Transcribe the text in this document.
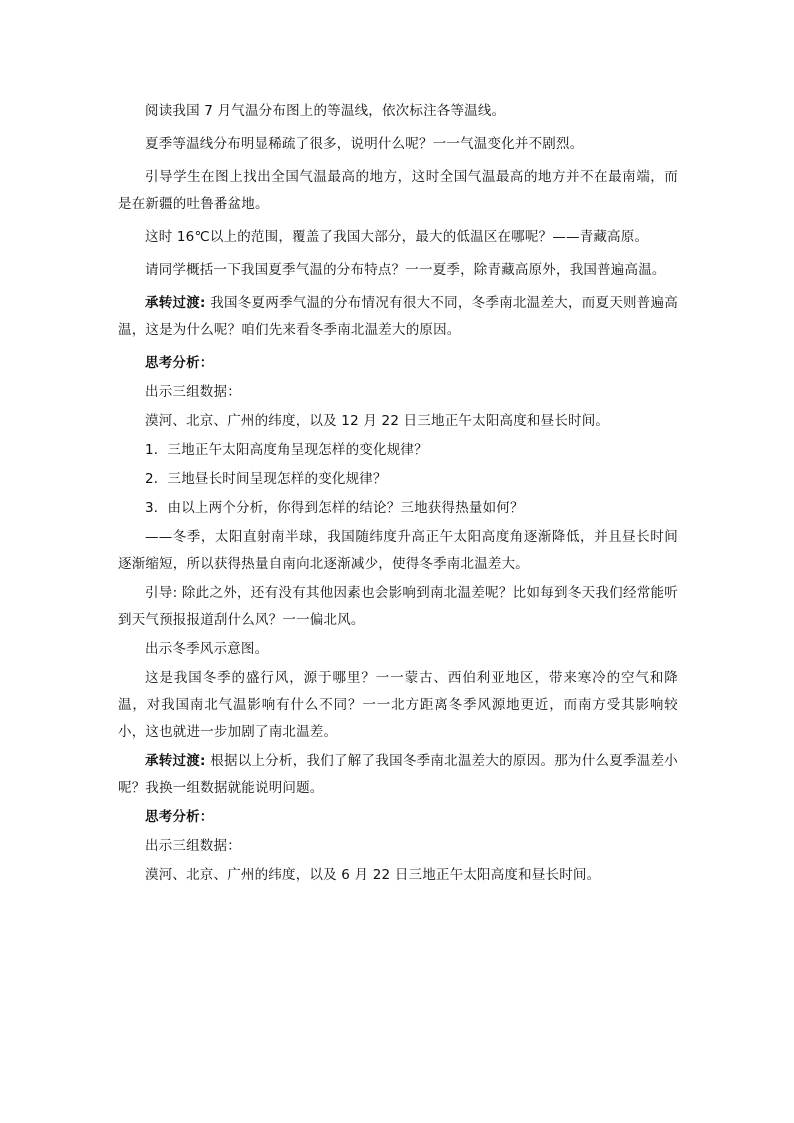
阅读我国 7 月气温分布图上的等温线，依次标注各等温线。

夏季等温线分布明显稀疏了很多，说明什么呢？一一气温变化并不剧烈。

引导学生在图上找出全国气温最高的地方，这时全国气温最高的地方并不在最南端，而是在新疆的吐鲁番盆地。

这时 16℃以上的范围，覆盖了我国大部分，最大的低温区在哪呢？——青藏高原。

请同学概括一下我国夏季气温的分布特点？一一夏季，除青藏高原外，我国普遍高温。

承转过渡: 我国冬夏两季气温的分布情况有很大不同，冬季南北温差大，而夏天则普遍高温，这是为什么呢？咱们先来看冬季南北温差大的原因。

思考分析：

出示三组数据：

漠河、北京、广州的纬度，以及 12 月 22 日三地正午太阳高度和昼长时间。

1．三地正午太阳高度角呈现怎样的变化规律？

2．三地昼长时间呈现怎样的变化规律？

3．由以上两个分析，你得到怎样的结论？三地获得热量如何？

——冬季，太阳直射南半球，我国随纬度升高正午太阳高度角逐渐降低，并且昼长时间逐渐缩短，所以获得热量自南向北逐渐减少，使得冬季南北温差大。

引导: 除此之外，还有没有其他因素也会影响到南北温差呢？比如每到冬天我们经常能听到天气预报报道刮什么风？一一偏北风。

出示冬季风示意图。

这是我国冬季的盛行风，源于哪里？一一蒙古、西伯利亚地区，带来寒冷的空气和降温，对我国南北气温影响有什么不同？一一北方距离冬季风源地更近，而南方受其影响较小，这也就进一步加剧了南北温差。

承转过渡: 根据以上分析，我们了解了我国冬季南北温差大的原因。那为什么夏季温差小呢？我换一组数据就能说明问题。

思考分析：

出示三组数据：

漠河、北京、广州的纬度，以及 6 月 22 日三地正午太阳高度和昼长时间。
